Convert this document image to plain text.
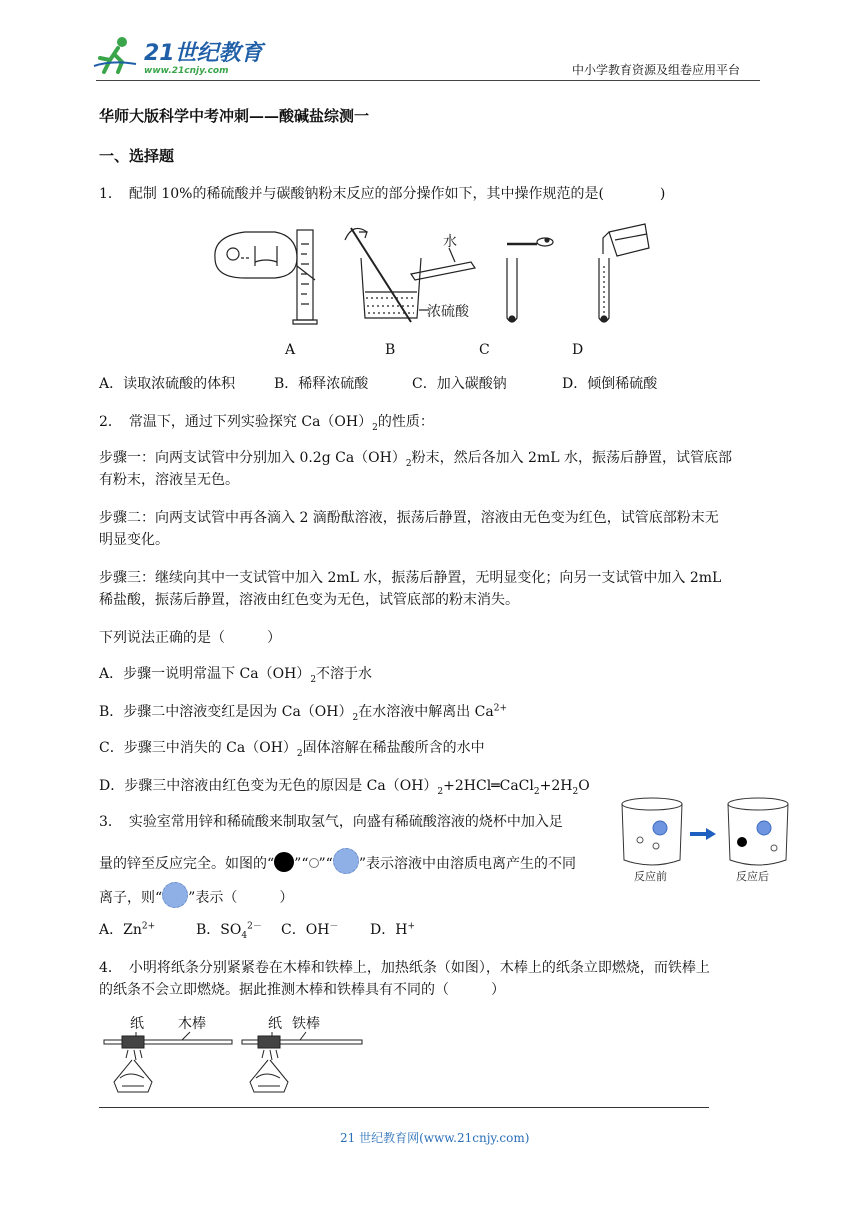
21世纪教育
www.21cnjy.com	中小学教育资源及组卷应用平台
华师大版科学中考冲刺——酸碱盐综测一
一、选择题
1．　配制 10%的稀硫酸并与碳酸钠粉末反应的部分操作如下，其中操作规范的是(　　　　)
水
浓硫酸
A	B	C	D
A．读取浓硫酸的体积	B．稀释浓硫酸	C．加入碳酸钠	D．倾倒稀硫酸
2．　常温下，通过下列实验探究 $Ca(OH)_2$的性质：
步骤一：向两支试管中分别加入 0.2g $Ca(OH)_2$粉末，然后各加入 2mL 水，振荡后静置，试管底部
有粉末，溶液呈无色。
步骤二：向两支试管中再各滴入 2 滴酚酞溶液，振荡后静置，溶液由无色变为红色，试管底部粉末无
明显变化。
步骤三：继续向其中一支试管中加入 2mL 水，振荡后静置，无明显变化；向另一支试管中加入 2mL
稀盐酸，振荡后静置，溶液由红色变为无色，试管底部的粉末消失。
下列说法正确的是（　　　）
A．步骤一说明常温下 $Ca(OH)_2$不溶于水
B．步骤二中溶液变红是因为 $Ca(OH)_2$在水溶液中解离出 $Ca^{2+}$
C．步骤三中消失的 $Ca(OH)_2$固体溶解在稀盐酸所含的水中
D．步骤三中溶液由红色变为无色的原因是 $Ca(OH)_2+2HCl═CaCl_2+2H_2O$
3．　实验室常用锌和稀硫酸来制取氢气，向盛有稀硫酸溶液的烧杯中加入足
量的锌至反应完全。如图的“ ”“ ”“ ”表示溶液中由溶质电离产生的不同
离子，则“ ”表示（　　　）
反应前	反应后
A．$Zn^{2+}$	B．$SO_4^{2-}$ C．OH－ D．H+
4．　小明将纸条分别紧紧卷在木棒和铁棒上，加热纸条（如图），木棒上的纸条立即燃烧，而铁棒上
的纸条不会立即燃烧。据此推测木棒和铁棒具有不同的（　　　）
纸 木棒	纸 铁棒
21 世纪教育网(www.21cnjy.com)
